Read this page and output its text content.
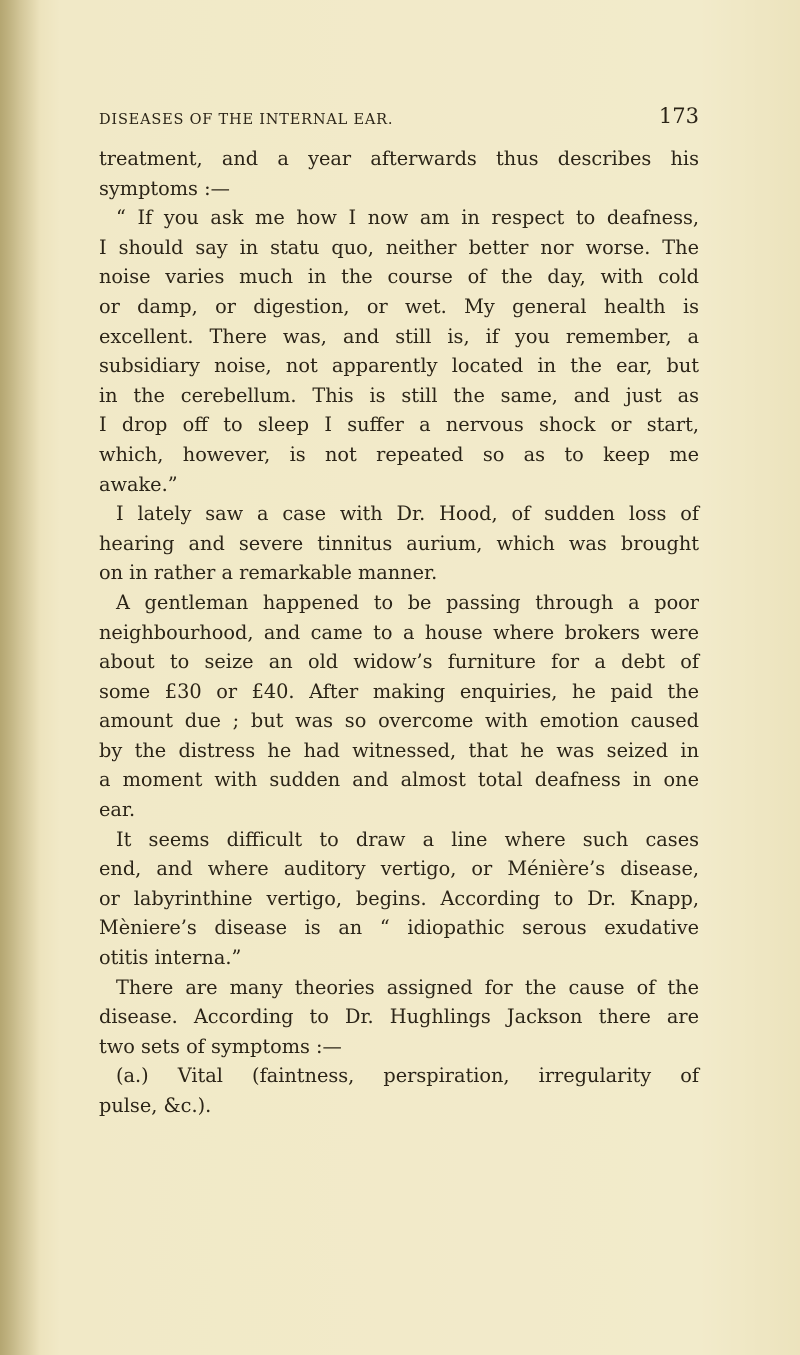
DISEASES OF THE INTERNAL EAR.	173
treatment, and a year afterwards thus describes his
symptoms :—
“ If you ask me how I now am in respect to deafness,
I should say in statu quo, neither better nor worse. The
noise varies much in the course of the day, with cold
or damp, or digestion, or wet. My general health is
excellent. There was, and still is, if you remember, a
subsidiary noise, not apparently located in the ear, but
in the cerebellum. This is still the same, and just as
I drop off to sleep I suffer a nervous shock or start,
which, however, is not repeated so as to keep me
awake.”
I lately saw a case with Dr. Hood, of sudden loss of
hearing and severe tinnitus aurium, which was brought
on in rather a remarkable manner.
A gentleman happened to be passing through a poor
neighbourhood, and came to a house where brokers were
about to seize an old widow’s furniture for a debt of
some £30 or £40. After making enquiries, he paid the
amount due ; but was so overcome with emotion caused
by the distress he had witnessed, that he was seized in
a moment with sudden and almost total deafness in one
ear.
It seems difficult to draw a line where such cases
end, and where auditory vertigo, or Ménière’s disease,
or labyrinthine vertigo, begins. According to Dr. Knapp,
Mèniere’s disease is an “ idiopathic serous exudative
otitis interna.”
There are many theories assigned for the cause of the
disease. According to Dr. Hughlings Jackson there are
two sets of symptoms :—
(a.) Vital (faintness, perspiration, irregularity of
pulse, &c.).
